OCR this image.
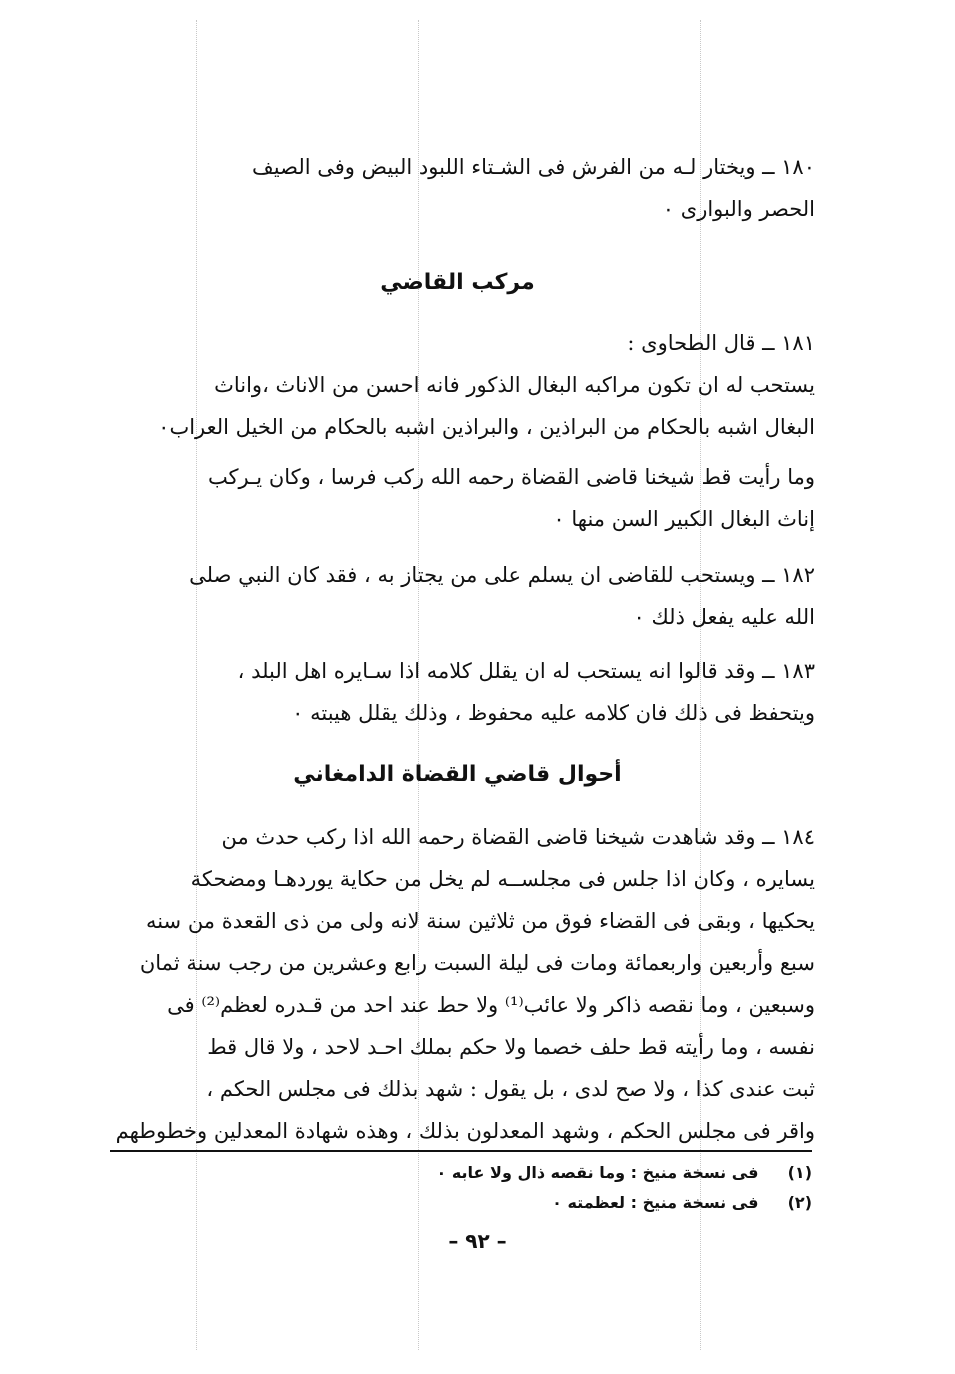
١٨٠ ــ ويختار لـه من الفرش فى الشـتاء اللبود البيض وفى الصيف
الحصر والبوارى ٠
مركب القاضي
١٨١ ــ قال الطحاوى :
يستحب له ان تكون مراكبه البغال الذكور فانه احسن من الاناث ،واناث
البغال اشبه بالحكام من البراذين ، والبراذين اشبه بالحكام من الخيل العراب٠
وما رأيت قط شيخنا قاضى القضاة رحمه الله ركب فرسا ، وكان يـركب
إناث البغال الكبير السن منها ٠
١٨٢ ــ ويستحب للقاضى ان يسلم على من يجتاز به ، فقد كان النبي صلى
الله عليه يفعل ذلك ٠
١٨٣ ــ وقد قالوا انه يستحب له ان يقلل كلامه اذا سـايره اهل البلد ،
ويتحفظ فى ذلك فان كلامه عليه محفوظ ، وذلك يقلل هيبته ٠
أحوال قاضي القضاة الدامغاني
١٨٤ ــ وقد شاهدت شيخنا قاضى القضاة رحمه الله اذا ركب حدث من
يسايره ، وكان اذا جلس فى مجلســه لم يخل من حكاية يوردهـا ومضحكة
يحكيها ، وبقى فى القضاء فوق من ثلاثين سنة لانه ولى من ذى القعدة من سنه
سبع وأربعين واربعمائة ومات فى ليلة السبت رابع وعشرين من رجب سنة ثمان
وسبعين ، وما نقصه ذاكر ولا عائب⁽¹⁾ ولا حط عند احد من قـدره لعظم⁽²⁾ فى
نفسه ، وما رأيته قط حلف خصما ولا حكم بملك احـد لاحد ، ولا قال قط
ثبت عندى كذا ، ولا صح لدى ، بل يقول : شهد بذلك فى مجلس الحكم ،
واقر فى مجلس الحكم ، وشهد المعدلون بذلك ، وهذه شهادة المعدلين وخطوطهم
(١) فى نسخة منيخ : وما نقصه ذال ولا عابه ٠
(٢) فى نسخة منيخ : لعظمته ٠
– ٩٢ –
